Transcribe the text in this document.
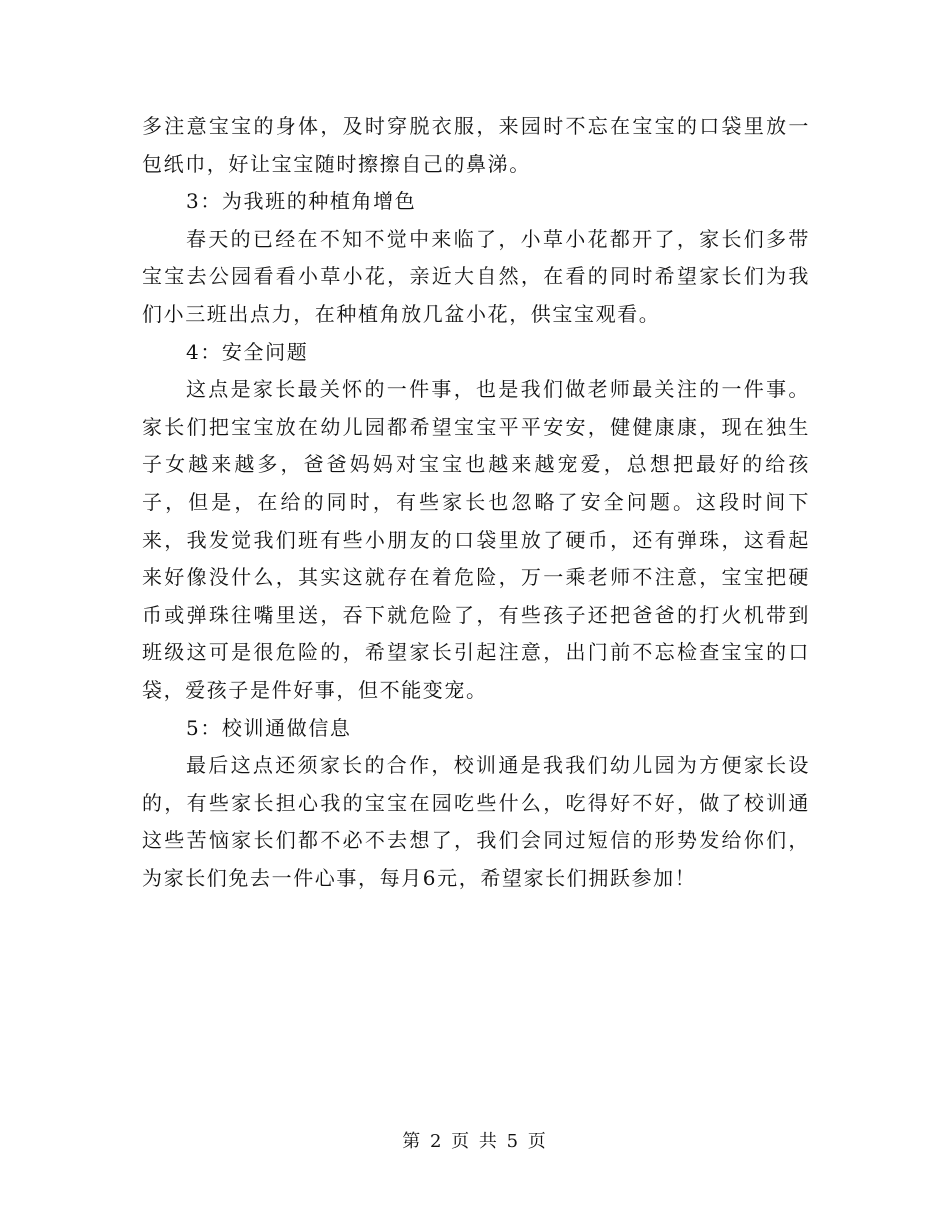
多注意宝宝的身体，及时穿脱衣服，来园时不忘在宝宝的口袋里放一包纸巾，好让宝宝随时擦擦自己的鼻涕。

3：为我班的种植角增色

春天的已经在不知不觉中来临了，小草小花都开了，家长们多带宝宝去公园看看小草小花，亲近大自然，在看的同时希望家长们为我们小三班出点力，在种植角放几盆小花，供宝宝观看。

4：安全问题

这点是家长最关怀的一件事，也是我们做老师最关注的一件事。家长们把宝宝放在幼儿园都希望宝宝平平安安，健健康康，现在独生子女越来越多，爸爸妈妈对宝宝也越来越宠爱，总想把最好的给孩子，但是，在给的同时，有些家长也忽略了安全问题。这段时间下来，我发觉我们班有些小朋友的口袋里放了硬币，还有弹珠，这看起来好像没什么，其实这就存在着危险，万一乘老师不注意，宝宝把硬币或弹珠往嘴里送，吞下就危险了，有些孩子还把爸爸的打火机带到班级这可是很危险的，希望家长引起注意，出门前不忘检查宝宝的口袋，爱孩子是件好事，但不能变宠。

5：校训通做信息

最后这点还须家长的合作，校训通是我我们幼儿园为方便家长设的，有些家长担心我的宝宝在园吃些什么，吃得好不好，做了校训通这些苦恼家长们都不必不去想了，我们会同过短信的形势发给你们，为家长们免去一件心事，每月6元，希望家长们拥跃参加！

第 2 页 共 5 页
